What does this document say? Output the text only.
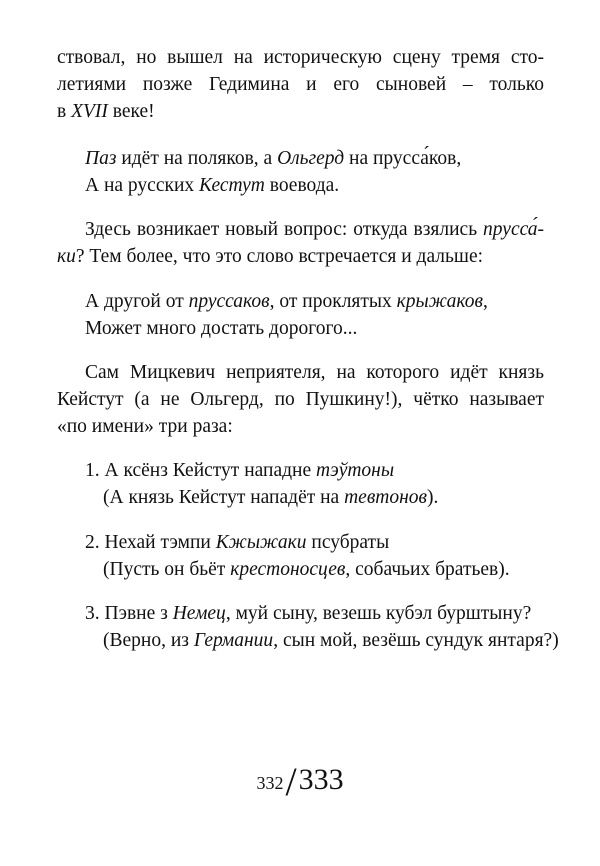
ствовал, но вышел на историческую сцену тремя сто-
летиями позже Гедимина и его сыновей – только
в XVII веке!
Паз идёт на поляков, а Ольгерд на прусса́ков,
А на русских Кестут воевода.
Здесь возникает новый вопрос: откуда взялись прусса́-
ки? Тем более, что это слово встречается и дальше:
А другой от пруссаков, от проклятых крыжаков,
Может много достать дорогого...
Сам Мицкевич неприятеля, на которого идёт князь
Кейстут (а не Ольгерд, по Пушкину!), чётко называет
«по имени» три раза:
1. А ксёнз Кейстут нападне тэўтоны
(А князь Кейстут нападёт на тевтонов).
2. Нехай тэмпи Кжыжаки псубраты
(Пусть он бьёт крестоносцев, собачьих братьев).
3. Пэвне з Немец, муй сыну, везешь кубэл бурштыну?
(Верно, из Германии, сын мой, везёшь сундук янтаря?)
332/333
